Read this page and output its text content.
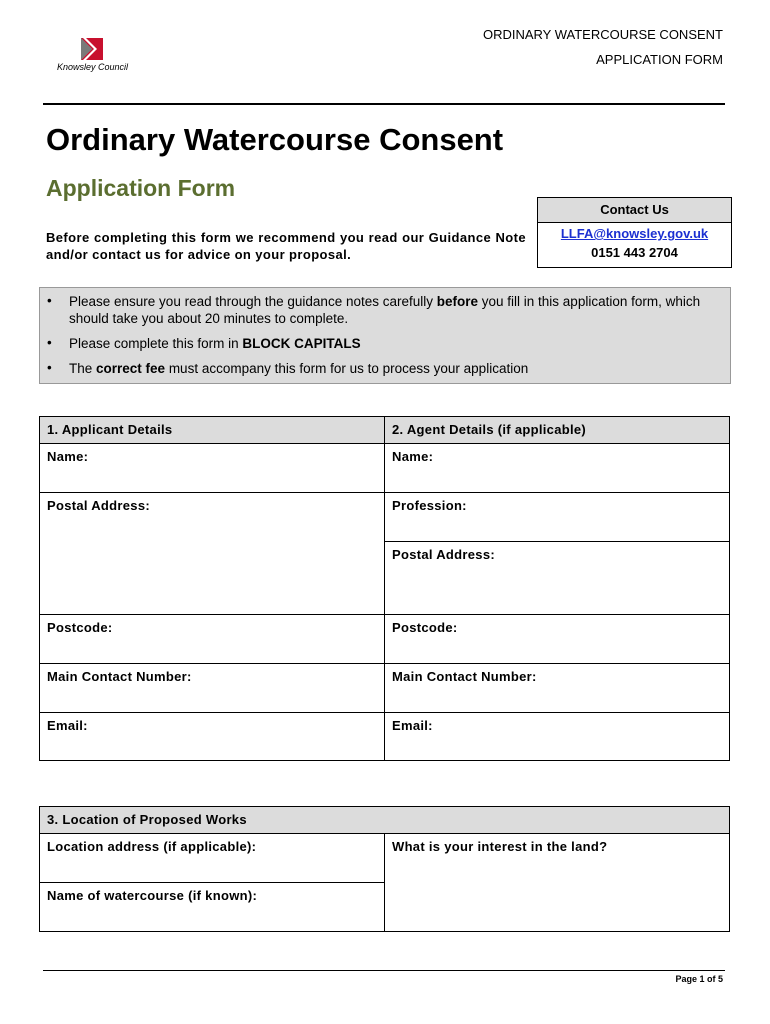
Knowsley Council
ORDINARY WATERCOURSE CONSENT
APPLICATION FORM
Ordinary Watercourse Consent
Application Form
Before completing this form we recommend you read our Guidance Note and/or contact us for advice on your proposal.
Contact Us
LLFA@knowsley.gov.uk
0151 443 2704
• Please ensure you read through the guidance notes carefully before you fill in this application form, which should take you about 20 minutes to complete.
• Please complete this form in BLOCK CAPITALS
• The correct fee must accompany this form for us to process your application
1. Applicant Details	2. Agent Details (if applicable)
Name:	Name:
Postal Address:	Profession:
Postal Address:
Postcode:	Postcode:
Main Contact Number:	Main Contact Number:
Email:	Email:
3. Location of Proposed Works
Location address (if applicable):	What is your interest in the land?
Name of watercourse (if known):
Page 1 of 5
